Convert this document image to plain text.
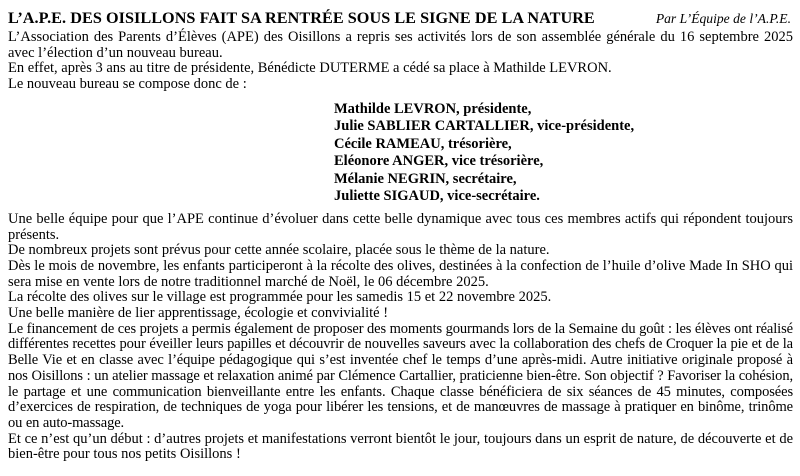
L’A.P.E. DES OISILLONS FAIT SA RENTRÉE SOUS LE SIGNE DE LA NATURE	Par L’Équipe de l’A.P.E.

L’Association des Parents d’Élèves (APE) des Oisillons a repris ses activités lors de son assemblée générale du 16 septembre 2025 avec l’élection d’un nouveau bureau.

En effet, après 3 ans au titre de présidente, Bénédicte DUTERME a cédé sa place à Mathilde LEVRON.

Le nouveau bureau se compose donc de :

Mathilde LEVRON, présidente,
Julie SABLIER CARTALLIER, vice-présidente,
Cécile RAMEAU, trésorière,
Eléonore ANGER, vice trésorière,
Mélanie NEGRIN, secrétaire,
Juliette SIGAUD, vice-secrétaire.

Une belle équipe pour que l’APE continue d’évoluer dans cette belle dynamique avec tous ces membres actifs qui répondent toujours présents.

De nombreux projets sont prévus pour cette année scolaire, placée sous le thème de la nature.

Dès le mois de novembre, les enfants participeront à la récolte des olives, destinées à la confection de l’huile d’olive Made In SHO qui sera mise en vente lors de notre traditionnel marché de Noël, le 06 décembre 2025.

La récolte des olives sur le village est programmée pour les samedis 15 et 22 novembre 2025.

Une belle manière de lier apprentissage, écologie et convivialité !

Le financement de ces projets a permis également de proposer des moments gourmands lors de la Semaine du goût : les élèves ont réalisé différentes recettes pour éveiller leurs papilles et découvrir de nouvelles saveurs avec la collaboration des chefs de Croquer la pie et de la Belle Vie et en classe avec l’équipe pédagogique qui s’est inventée chef le temps d’une après-midi. Autre initiative originale proposé à nos Oisillons : un atelier massage et relaxation animé par Clémence Cartallier, praticienne bien-être. Son objectif ? Favoriser la cohésion, le partage et une communication bienveillante entre les enfants. Chaque classe bénéficiera de six séances de 45 minutes, composées d’exercices de respiration, de techniques de yoga pour libérer les tensions, et de manœuvres de massage à pratiquer en binôme, trinôme ou en auto-massage.

Et ce n’est qu’un début : d’autres projets et manifestations verront bientôt le jour, toujours dans un esprit de nature, de découverte et de bien-être pour tous nos petits Oisillons !
